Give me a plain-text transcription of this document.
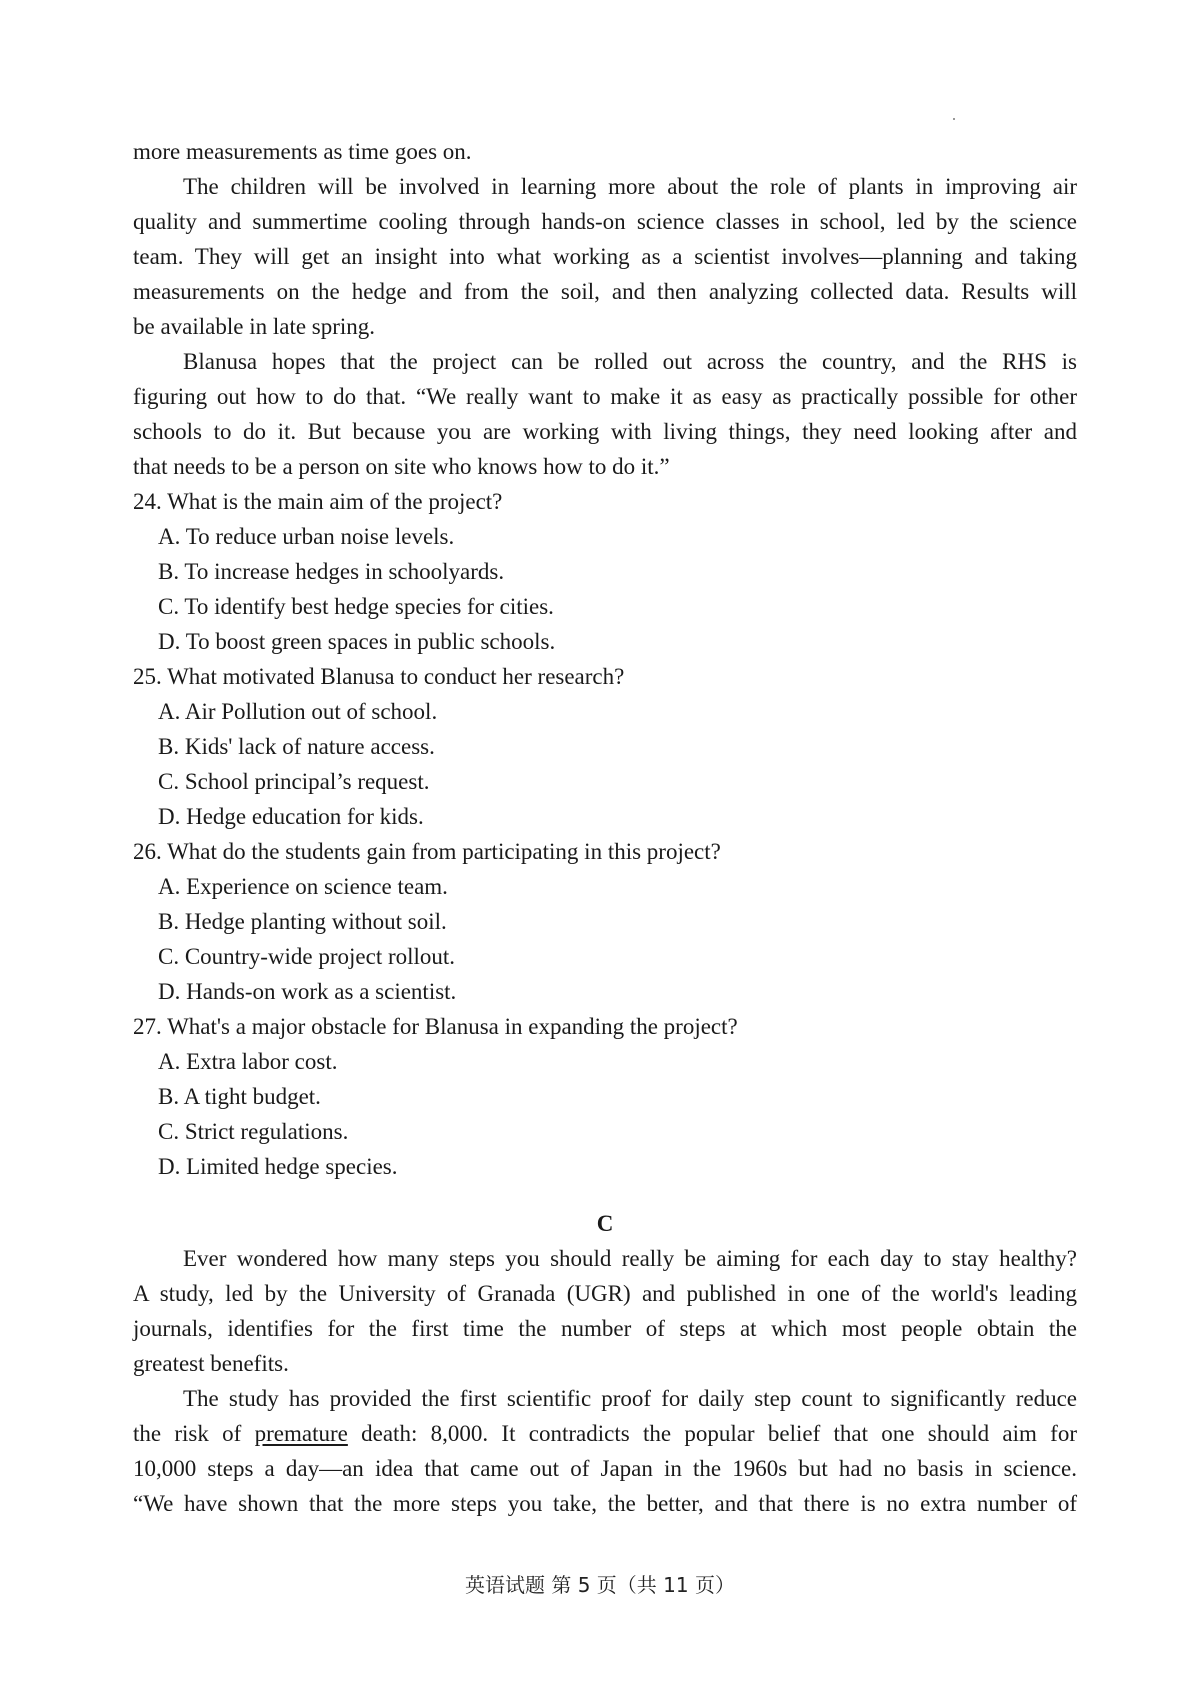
more measurements as time goes on.

The children will be involved in learning more about the role of plants in improving air

quality and summertime cooling through hands-on science classes in school, led by the science

team. They will get an insight into what working as a scientist involves—planning and taking

measurements on the hedge and from the soil, and then analyzing collected data. Results will

be available in late spring.

Blanusa hopes that the project can be rolled out across the country, and the RHS is

figuring out how to do that. “We really want to make it as easy as practically possible for other

schools to do it. But because you are working with living things, they need looking after and

that needs to be a person on site who knows how to do it.”

24. What is the main aim of the project?

A. To reduce urban noise levels.

B. To increase hedges in schoolyards.

C. To identify best hedge species for cities.

D. To boost green spaces in public schools.

25. What motivated Blanusa to conduct her research?

A. Air Pollution out of school.

B. Kids' lack of nature access.

C. School principal’s request.

D. Hedge education for kids.

26. What do the students gain from participating in this project?

A. Experience on science team.

B. Hedge planting without soil.

C. Country-wide project rollout.

D. Hands-on work as a scientist.

27. What's a major obstacle for Blanusa in expanding the project?

A. Extra labor cost.

B. A tight budget.

C. Strict regulations.

D. Limited hedge species.

C

Ever wondered how many steps you should really be aiming for each day to stay healthy?

A study, led by the University of Granada (UGR) and published in one of the world's leading

journals, identifies for the first time the number of steps at which most people obtain the

greatest benefits.

The study has provided the first scientific proof for daily step count to significantly reduce

the risk of premature death: 8,000. It contradicts the popular belief that one should aim for

10,000 steps a day—an idea that came out of Japan in the 1960s but had no basis in science.

“We have shown that the more steps you take, the better, and that there is no extra number of

英语试题 第 5 页（共 11 页）
